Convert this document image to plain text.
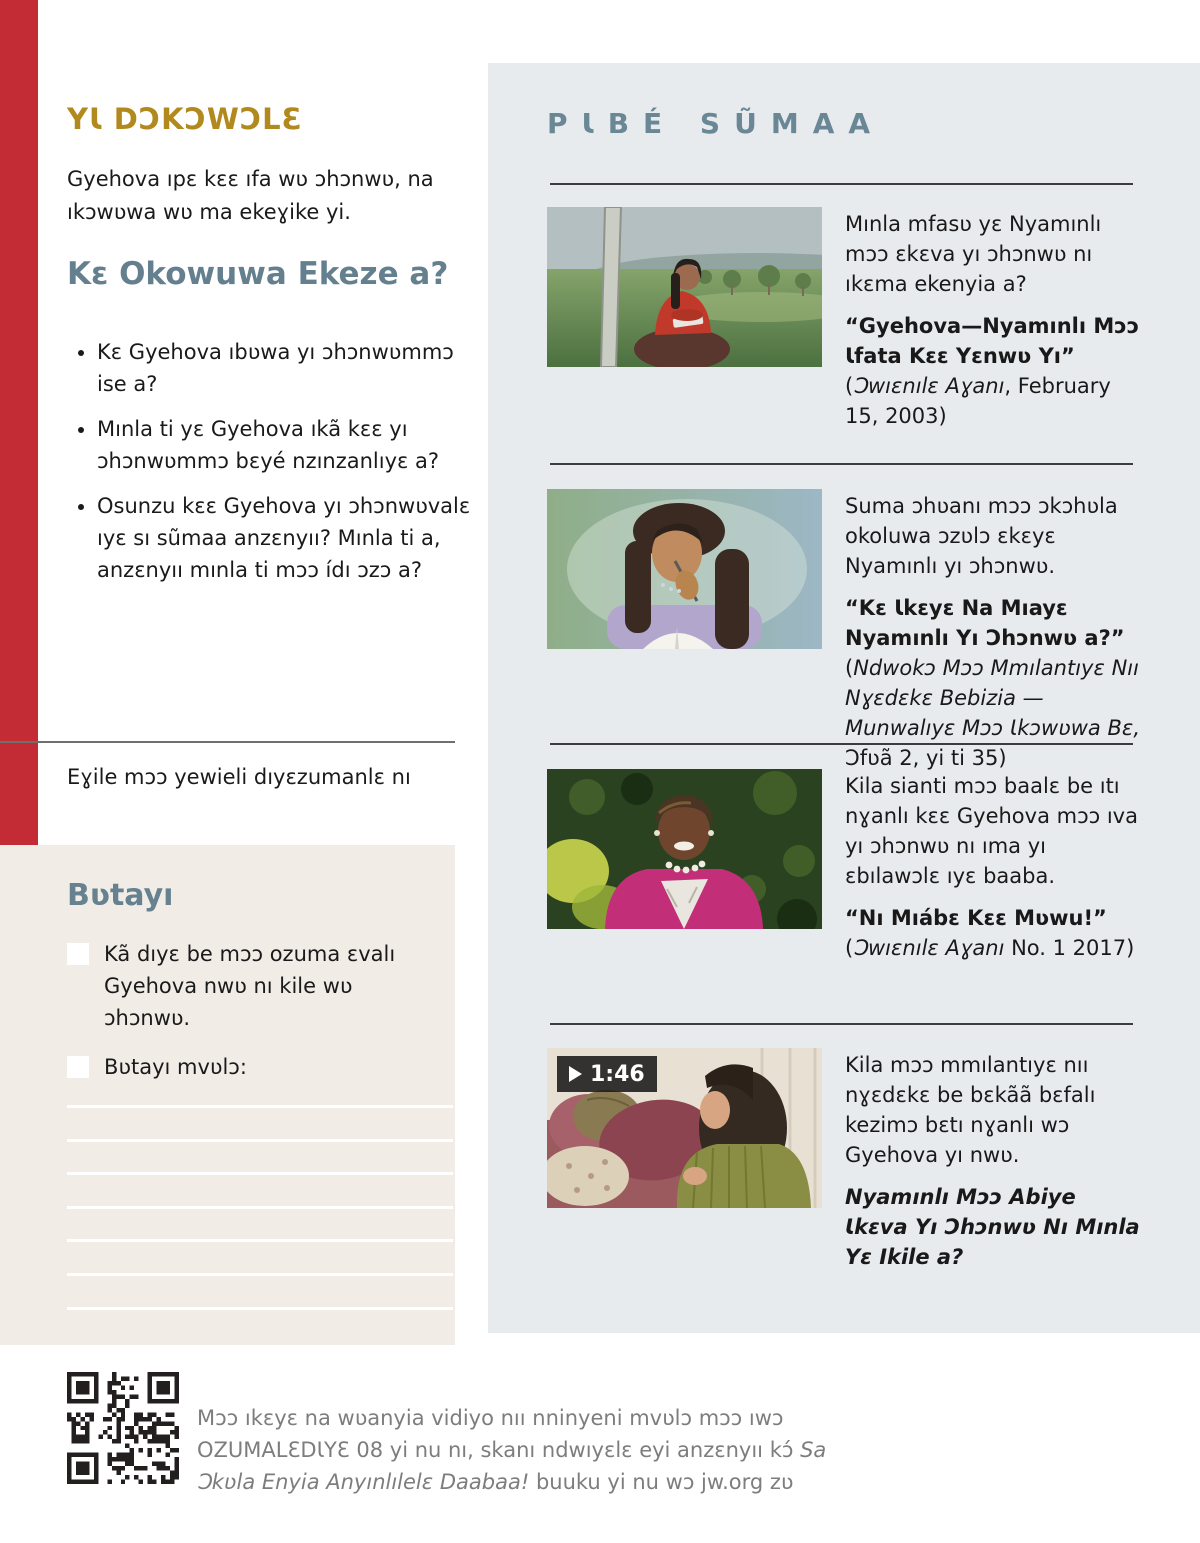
YƖ DƆKƆWƆLƐ
Gyehova ıpɛ kɛɛ ıfa wʋ ɔhɔnwʋ, na ıkɔwʋwa wʋ ma ekeɣike yi.
Kɛ Okowuwa Ekeze a?
• Kɛ Gyehova ıbʋwa yı ɔhɔnwʋmmɔ ise a?
• Mınla ti yɛ Gyehova ıkã kɛɛ yı ɔhɔnwʋmmɔ bɛyé nzınzanlıyɛ a?
• Osunzu kɛɛ Gyehova yı ɔhɔnwʋvalɛ ıyɛ sı sũmaa anzɛnyıı? Mınla ti a, anzɛnyıı mınla ti mɔɔ ídı ɔzɔ a?
Eɣile mɔɔ yewieli dıyɛzumanlɛ nı
Bʋtayı
Kã dıyɛ be mɔɔ ozuma ɛvalı Gyehova nwʋ nı kile wʋ ɔhɔnwʋ.
Bʋtayı mvʋlɔ:
Mɔɔ ıkɛyɛ na wʋanyia vidiyo nıı nninyeni mvʋlɔ mɔɔ ıwɔ OZUMALƐDƖYƐ 08 yi nu nı, skanı ndwıyɛlɛ eyi anzɛnyıı kɔ́ Sa Ɔkʋla Enyia Anyınlılelɛ Daabaa! buuku yi nu wɔ jw.org zʋ
PƖBÉ SŨMAA

Mınla mfasʋ yɛ Nyamınlı mɔɔ ɛkɛva yı ɔhɔnwʋ nı ıkɛma ekenyia a?

“Gyehova—Nyamınlı Mɔɔ Ɩfata Kɛɛ Yɛnwʋ Yı” (Ɔwıɛnılɛ Aɣanı, February 15, 2003)

Suma ɔhʋanı mɔɔ ɔkɔhʋla okoluwa ɔzʋlɔ ɛkɛyɛ Nyamınlı yı ɔhɔnwʋ.

“Kɛ Ɩkɛyɛ Na Mıayɛ Nyamınlı Yı Ɔhɔnwʋ a?” (Ndwokɔ Mɔɔ Mmılantıyɛ Nıı Nɣɛdɛkɛ Bebizia —Munwalıyɛ Mɔɔ Ɩkɔwʋwa Bɛ, Ɔfʋã 2, yi ti 35)

Kila sianti mɔɔ baalɛ be ıtı nɣanlı kɛɛ Gyehova mɔɔ ıva yı ɔhɔnwʋ nı ıma yı ɛbılawɔlɛ ıyɛ baaba.

“Nı Mıábɛ Kɛɛ Mʋwu!” (Ɔwıɛnılɛ Aɣanı No. 1 2017)

1:46	Kila mɔɔ mmılantıyɛ nıı nɣɛdɛkɛ be bɛkãã bɛfalı kezimɔ bɛtı nɣanlı wɔ Gyehova yı nwʋ.

Nyamınlı Mɔɔ Abiye Ɩkɛva Yı Ɔhɔnwʋ Nı Mınla Yɛ Ikile a?
